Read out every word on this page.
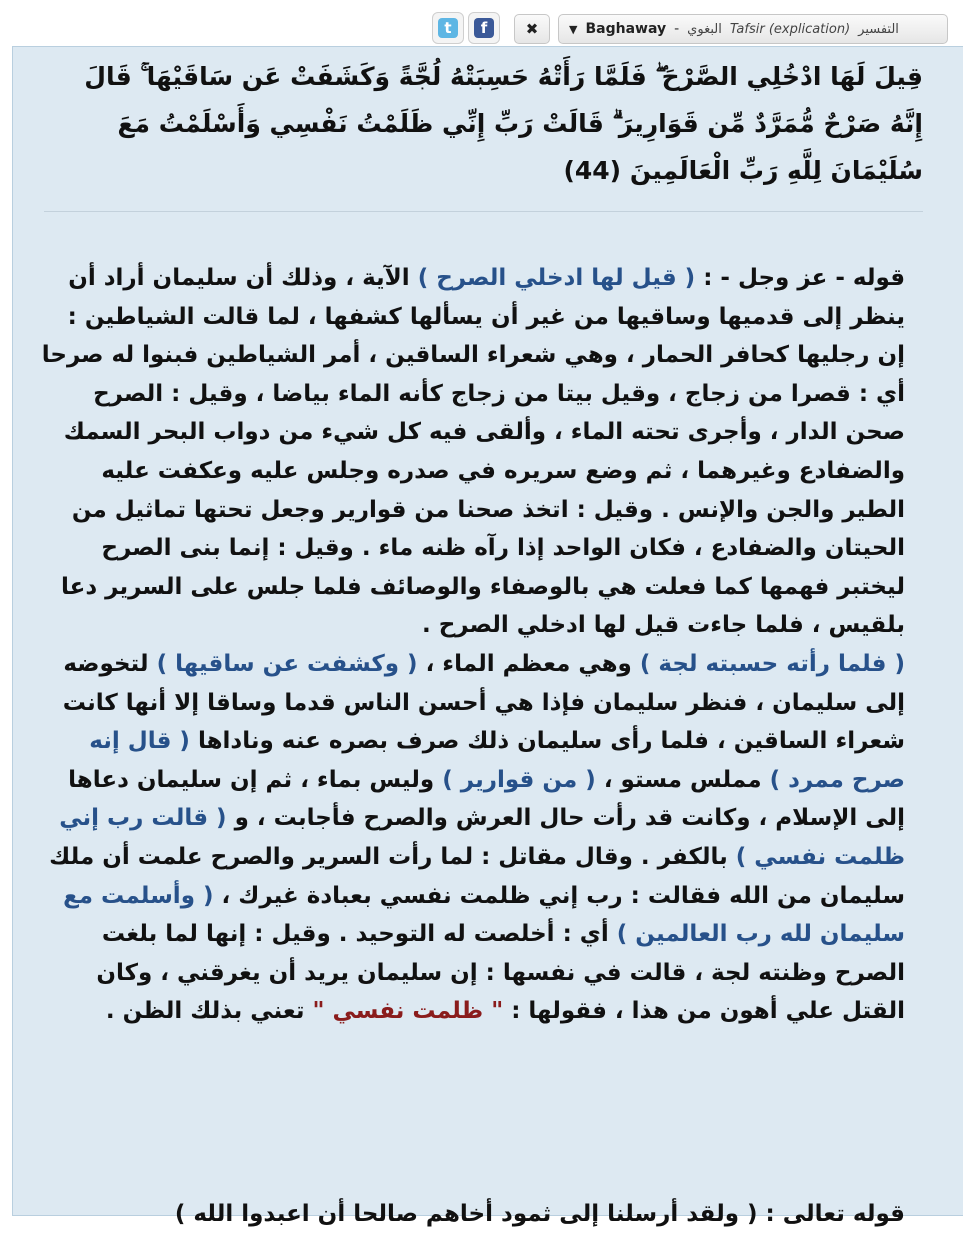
t	f	✖	▼ Baghaway - البغوي Tafsir (explication) التفسير
قِيلَ لَهَا ادْخُلِي الصَّرْحَ ۖ فَلَمَّا رَأَتْهُ حَسِبَتْهُ لُجَّةً وَكَشَفَتْ عَن سَاقَيْهَا ۚ قَالَ إِنَّهُ صَرْحٌ مُّمَرَّدٌ مِّن قَوَارِيرَ ۗ قَالَتْ رَبِّ إِنِّي ظَلَمْتُ نَفْسِي وَأَسْلَمْتُ مَعَ سُلَيْمَانَ لِلَّهِ رَبِّ الْعَالَمِينَ (44)
قوله - عز وجل - : ( قيل لها ادخلي الصرح ) الآية ، وذلك أن سليمان أراد أن ينظر إلى قدميها وساقيها من غير أن يسألها كشفها ، لما قالت الشياطين : إن رجليها كحافر الحمار ، وهي شعراء الساقين ، أمر الشياطين فبنوا له صرحا أي : قصرا من زجاج ، وقيل بيتا من زجاج كأنه الماء بياضا ، وقيل : الصرح صحن الدار ، وأجرى تحته الماء ، وألقى فيه كل شيء من دواب البحر السمك والضفادع وغيرهما ، ثم وضع سريره في صدره وجلس عليه وعكفت عليه الطير والجن والإنس . وقيل : اتخذ صحنا من قوارير وجعل تحتها تماثيل من الحيتان والضفادع ، فكان الواحد إذا رآه ظنه ماء . وقيل : إنما بنى الصرح ليختبر فهمها كما فعلت هي بالوصفاء والوصائف فلما جلس على السرير دعا بلقيس ، فلما جاءت قيل لها ادخلي الصرح .
( فلما رأته حسبته لجة ) وهي معظم الماء ، ( وكشفت عن ساقيها ) لتخوضه إلى سليمان ، فنظر سليمان فإذا هي أحسن الناس قدما وساقا إلا أنها كانت شعراء الساقين ، فلما رأى سليمان ذلك صرف بصره عنه وناداها ( قال إنه صرح ممرد ) مملس مستو ، ( من قوارير ) وليس بماء ، ثم إن سليمان دعاها إلى الإسلام ، وكانت قد رأت حال العرش والصرح فأجابت ، و ( قالت رب إني ظلمت نفسي ) بالكفر . وقال مقاتل : لما رأت السرير والصرح علمت أن ملك سليمان من الله فقالت : رب إني ظلمت نفسي بعبادة غيرك ، ( وأسلمت مع سليمان لله رب العالمين ) أي : أخلصت له التوحيد . وقيل : إنها لما بلغت الصرح وظنته لجة ، قالت في نفسها : إن سليمان يريد أن يغرقني ، وكان القتل علي أهون من هذا ، فقولها : " ظلمت نفسي " تعني بذلك الظن .
قوله تعالى : ( ولقد أرسلنا إلى ثمود أخاهم صالحا أن اعبدوا الله )
